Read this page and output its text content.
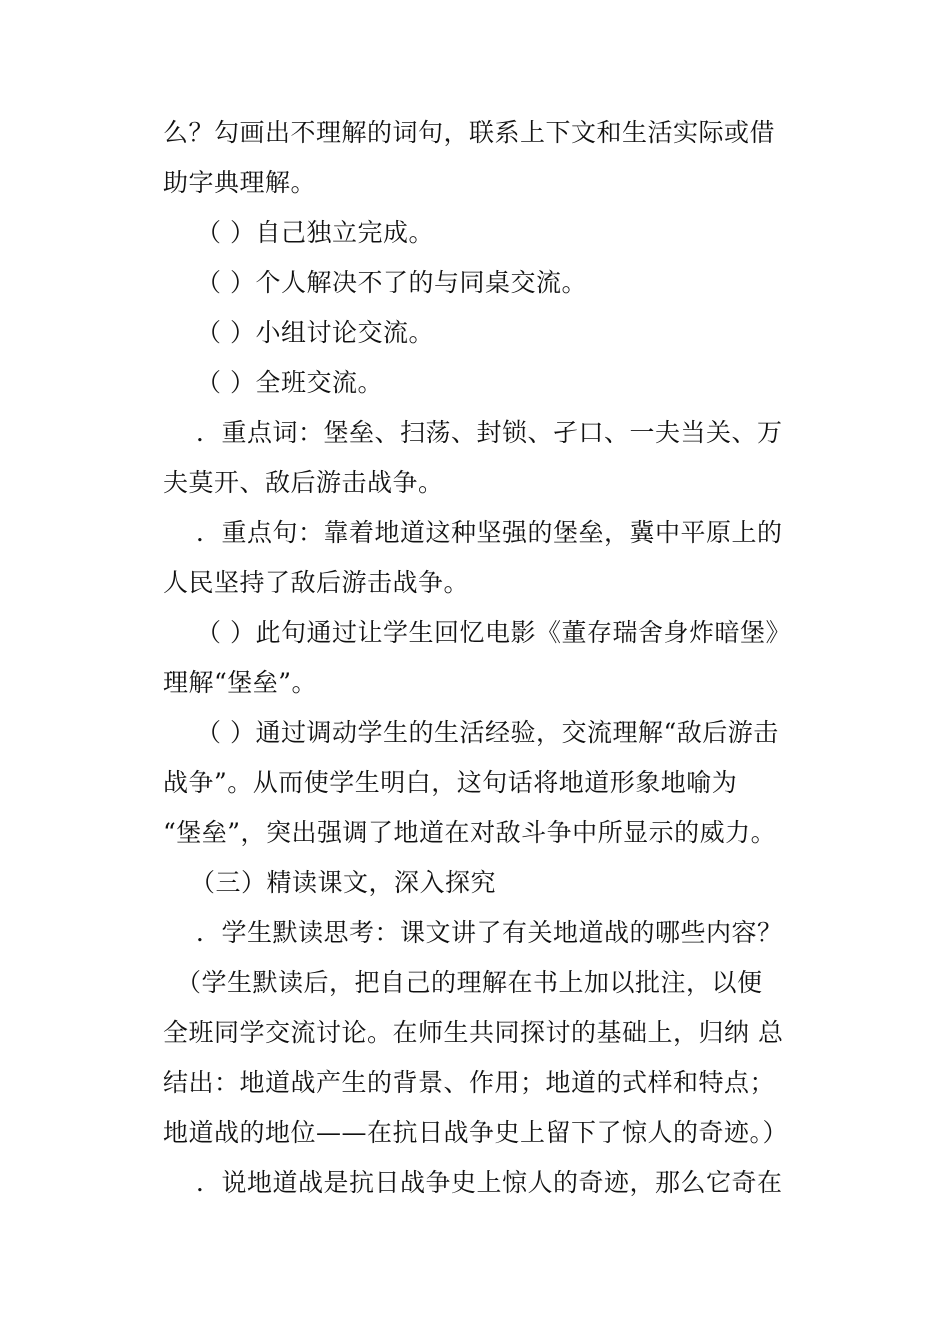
么？勾画出不理解的词句，联系上下文和生活实际或借
助字典理解。
（ ）自己独立完成。
（ ）个人解决不了的与同桌交流。
（ ）小组讨论交流。
（ ）全班交流。
．重点词：堡垒、扫荡、封锁、孑口、一夫当关、万
夫莫开、敌后游击战争。
．重点句：靠着地道这种坚强的堡垒，冀中平原上的
人民坚持了敌后游击战争。
（ ）此句通过让学生回忆电影《董存瑞舍身炸暗堡》
理解“堡垒”。
（ ）通过调动学生的生活经验，交流理解“敌后游击
战争”。从而使学生明白，这句话将地道形象地喻为
“堡垒”，突出强调了地道在对敌斗争中所显示的威力。
（三）精读课文，深入探究
．学生默读思考：课文讲了有关地道战的哪些内容？
（学生默读后，把自己的理解在书上加以批注，以便
全班同学交流讨论。在师生共同探讨的基础上，归纳 总
结出：地道战产生的背景、作用；地道的式样和特点；
地道战的地位——在抗日战争史上留下了惊人的奇迹。）
．说地道战是抗日战争史上惊人的奇迹，那么它奇在
